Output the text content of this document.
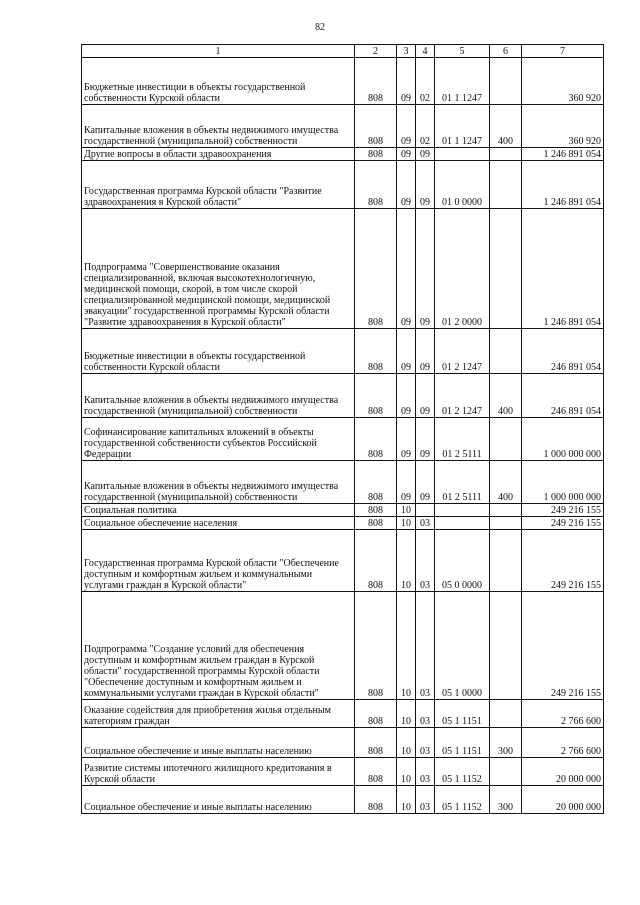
82
1	2	3	4	5	6	7
Бюджетные инвестиции в объекты государственной собственности Курской области	808	09	02	01 1 1247		360 920
Капитальные вложения в объекты недвижимого имущества государственной (муниципальной) собственности	808	09	02	01 1 1247	400	360 920
Другие вопросы в области здравоохранения	808	09	09			1 246 891 054
Государственная программа Курской области "Развитие здравоохранения в Курской области"	808	09	09	01 0 0000		1 246 891 054
Подпрограмма "Совершенствование оказания специализированной, включая высокотехнологичную, медицинской помощи, скорой, в том числе скорой специализированной медицинской помощи, медицинской эвакуации" государственной программы Курской области "Развитие здравоохранения в Курской области"	808	09	09	01 2 0000		1 246 891 054
Бюджетные инвестиции в объекты государственной собственности Курской области	808	09	09	01 2 1247		246 891 054
Капитальные вложения в объекты недвижимого имущества государственной (муниципальной) собственности	808	09	09	01 2 1247	400	246 891 054
Софинансирование капитальных вложений в объекты государственной собственности субъектов Российской Федерации	808	09	09	01 2 5111		1 000 000 000
Капитальные вложения в объекты недвижимого имущества государственной (муниципальной) собственности	808	09	09	01 2 5111	400	1 000 000 000
Социальная политика	808	10				249 216 155
Социальное обеспечение населения	808	10	03			249 216 155
Государственная программа Курской области "Обеспечение доступным и комфортным жильем и коммунальными услугами граждан в Курской области"	808	10	03	05 0 0000		249 216 155
Подпрограмма "Создание условий для обеспечения доступным и комфортным жильем граждан в Курской области" государственной программы Курской области "Обеспечение доступным и комфортным жильем и коммунальными услугами граждан в Курской области"	808	10	03	05 1 0000		249 216 155
Оказание содействия для приобретения жилья отдельным категориям граждан	808	10	03	05 1 1151		2 766 600
Социальное обеспечение и иные выплаты населению	808	10	03	05 1 1151	300	2 766 600
Развитие системы ипотечного жилищного кредитования в Курской области	808	10	03	05 1 1152		20 000 000
Социальное обеспечение и иные выплаты населению	808	10	03	05 1 1152	300	20 000 000
